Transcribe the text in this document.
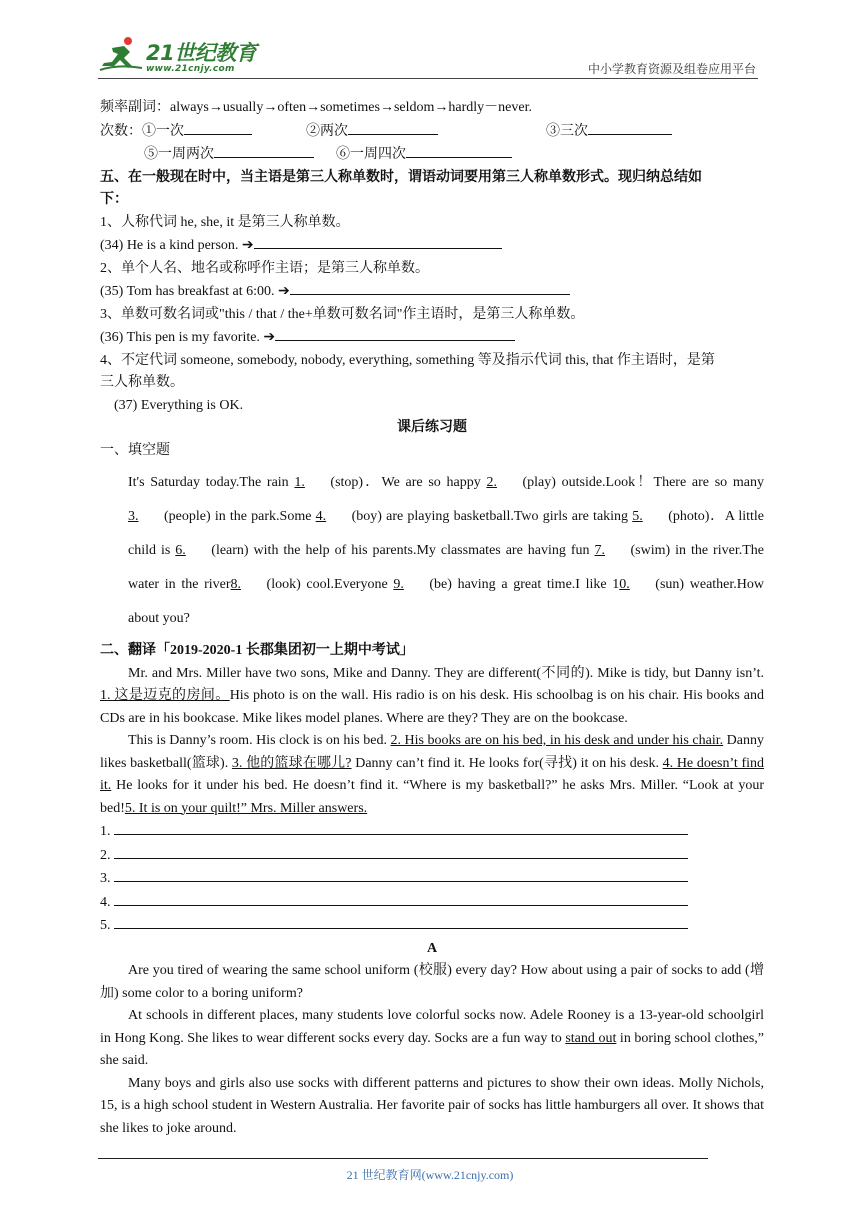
21世纪教育
www.21cnjy.com	中小学教育资源及组卷应用平台
频率副词：always→usually→often→sometimes→seldom→hardly－never.
次数：①一次	②两次	③三次
⑤一周两次	⑥一周四次
五、在一般现在时中，当主语是第三人称单数时，谓语动词要用第三人称单数形式。现归纳总结如
下：
1、人称代词 he, she, it 是第三人称单数。
(34) He is a kind person. ➔
2、单个人名、地名或称呼作主语；是第三人称单数。
(35) Tom has breakfast at 6:00. ➔
3、单数可数名词或"this / that / the+单数可数名词"作主语时，是第三人称单数。
(36) This pen is my favorite. ➔
4、不定代词 someone, somebody, nobody, everything, something 等及指示代词 this, that 作主语时，是第
三人称单数。
(37) Everything is OK.
课后练习题
一、填空题
It's Saturday today.The rain 1. (stop)．We are so happy 2. (play) outside.Look！There are so many 3. (people) in the park.Some 4. (boy) are playing basketball.Two girls are taking 5. (photo)．A little child is 6. (learn) with the help of his parents.My classmates are having fun 7. (swim) in the river.The water in the river8. (look) cool.Everyone 9. (be) having a great time.I like 10. (sun) weather.How about you?
二、翻译「2019-2020-1 长郡集团初一上期中考试」
Mr. and Mrs. Miller have two sons, Mike and Danny. They are different(不同的). Mike is tidy, but Danny isn’t. 1. 这是迈克的房间。His photo is on the wall. His radio is on his desk. His schoolbag is on his chair. His books and CDs are in his bookcase. Mike likes model planes. Where are they? They are on the bookcase.
This is Danny’s room. His clock is on his bed. 2. His books are on his bed, in his desk and under his chair. Danny likes basketball(篮球). 3. 他的篮球在哪儿? Danny can’t find it. He looks for(寻找) it on his desk. 4. He doesn’t find it. He looks for it under his bed. He doesn’t find it. “Where is my basketball?” he asks Mrs. Miller. “Look at your bed!5. It is on your quilt!” Mrs. Miller answers.
1.
2.
3.
4.
5.
A
Are you tired of wearing the same school uniform (校服) every day? How about using a pair of socks to add (增加) some color to a boring uniform?
At schools in different places, many students love colorful socks now. Adele Rooney is a 13-year-old schoolgirl in Hong Kong. She likes to wear different socks every day. Socks are a fun way to stand out in boring school clothes,” she said.
Many boys and girls also use socks with different patterns and pictures to show their own ideas. Molly Nichols, 15, is a high school student in Western Australia. Her favorite pair of socks has little hamburgers all over. It shows that she likes to joke around.
21 世纪教育网(www.21cnjy.com)
